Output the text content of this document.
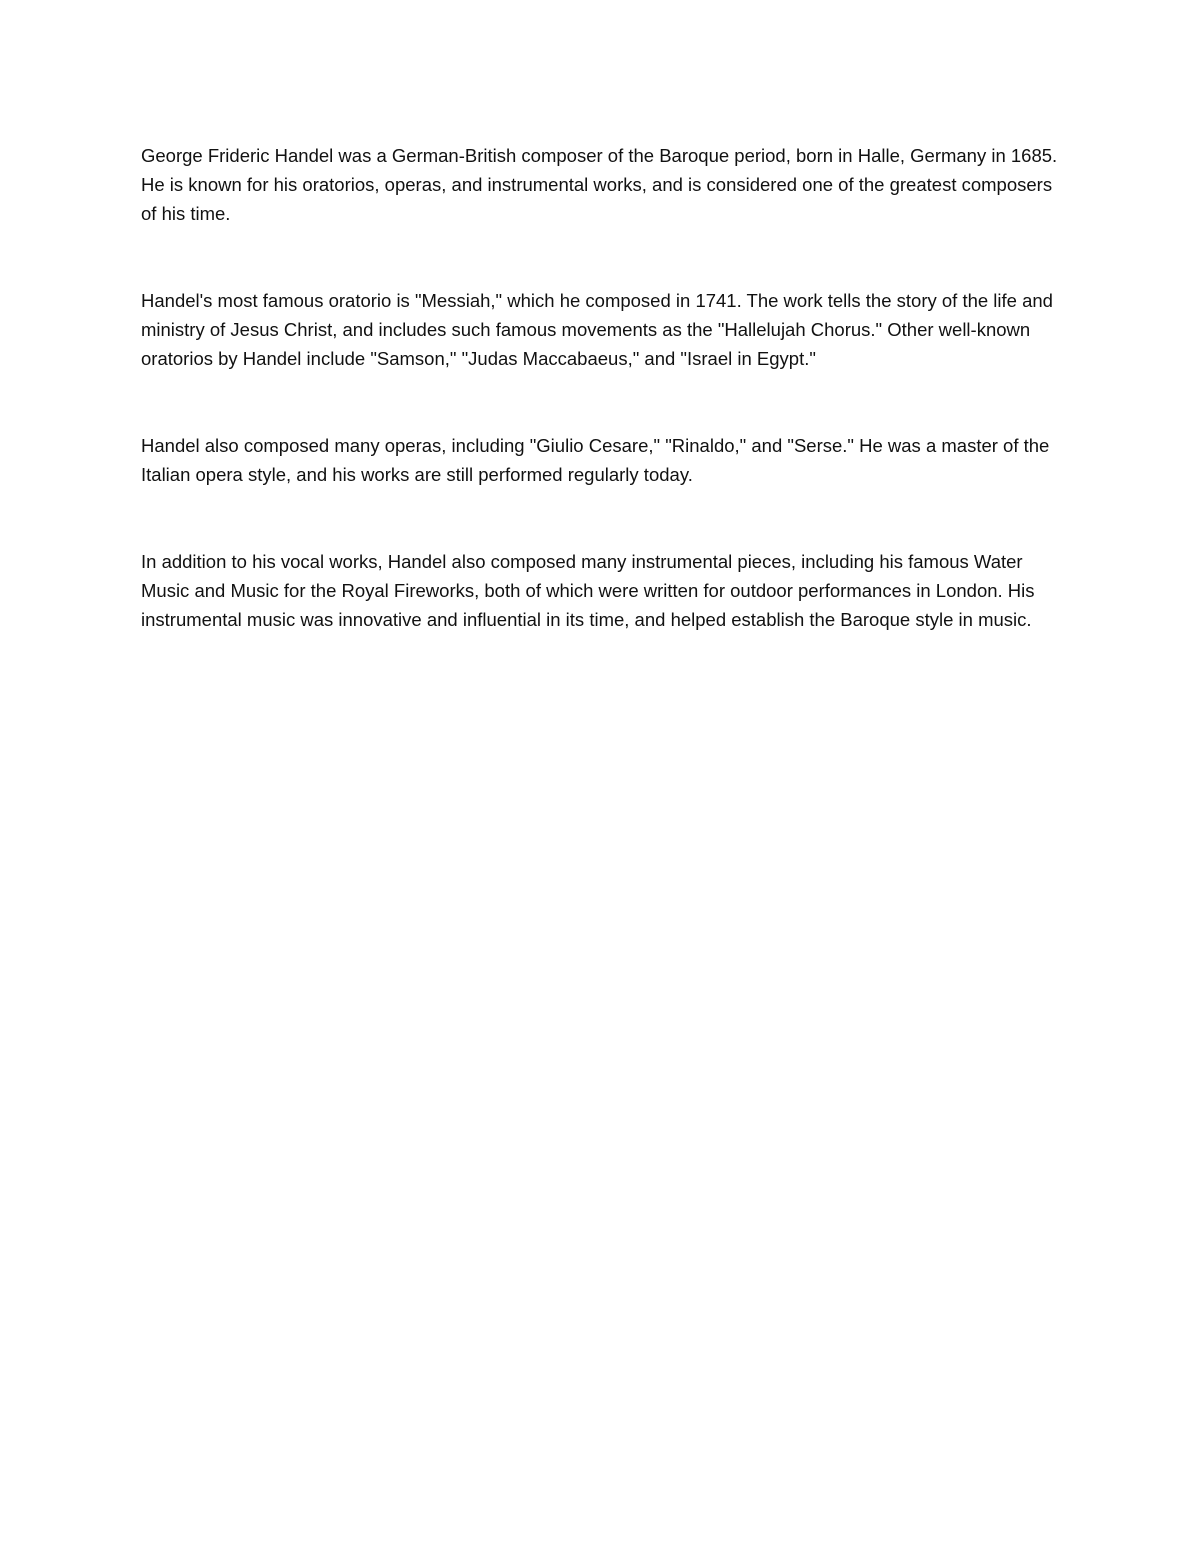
George Frideric Handel was a German-British composer of the Baroque period, born in Halle, Germany in 1685. He is known for his oratorios, operas, and instrumental works, and is considered one of the greatest composers of his time.

Handel's most famous oratorio is "Messiah," which he composed in 1741. The work tells the story of the life and ministry of Jesus Christ, and includes such famous movements as the "Hallelujah Chorus." Other well-known oratorios by Handel include "Samson," "Judas Maccabaeus," and "Israel in Egypt."

Handel also composed many operas, including "Giulio Cesare," "Rinaldo," and "Serse." He was a master of the Italian opera style, and his works are still performed regularly today.

In addition to his vocal works, Handel also composed many instrumental pieces, including his famous Water Music and Music for the Royal Fireworks, both of which were written for outdoor performances in London. His instrumental music was innovative and influential in its time, and helped establish the Baroque style in music.
